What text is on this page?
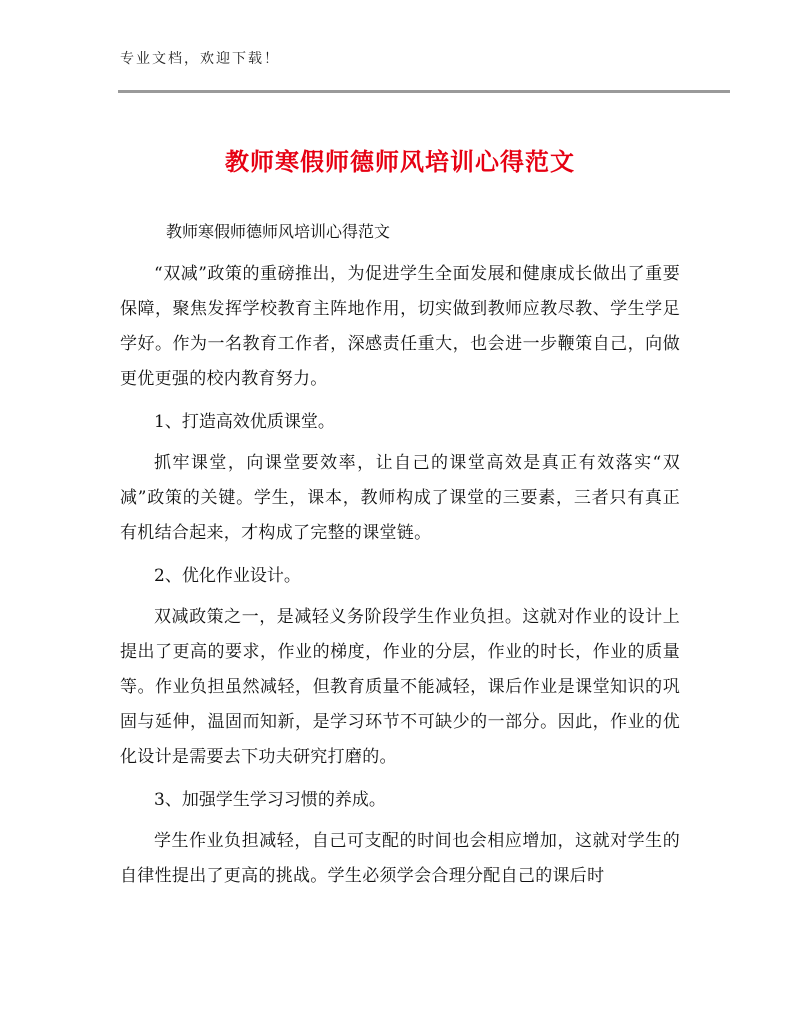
专业文档，欢迎下载！
教师寒假师德师风培训心得范文

教师寒假师德师风培训心得范文

“双减”政策的重磅推出，为促进学生全面发展和健康成长做出了重要保障，聚焦发挥学校教育主阵地作用，切实做到教师应教尽教、学生学足学好。作为一名教育工作者，深感责任重大，也会进一步鞭策自己，向做更优更强的校内教育努力。

1、打造高效优质课堂。

抓牢课堂，向课堂要效率，让自己的课堂高效是真正有效落实“双减”政策的关键。学生，课本，教师构成了课堂的三要素，三者只有真正有机结合起来，才构成了完整的课堂链。

2、优化作业设计。

双减政策之一，是减轻义务阶段学生作业负担。这就对作业的设计上提出了更高的要求，作业的梯度，作业的分层，作业的时长，作业的质量等。作业负担虽然减轻，但教育质量不能减轻，课后作业是课堂知识的巩固与延伸，温固而知新，是学习环节不可缺少的一部分。因此，作业的优化设计是需要去下功夫研究打磨的。

3、加强学生学习习惯的养成。

学生作业负担减轻，自己可支配的时间也会相应增加，这就对学生的自律性提出了更高的挑战。学生必须学会合理分配自己的课后时
